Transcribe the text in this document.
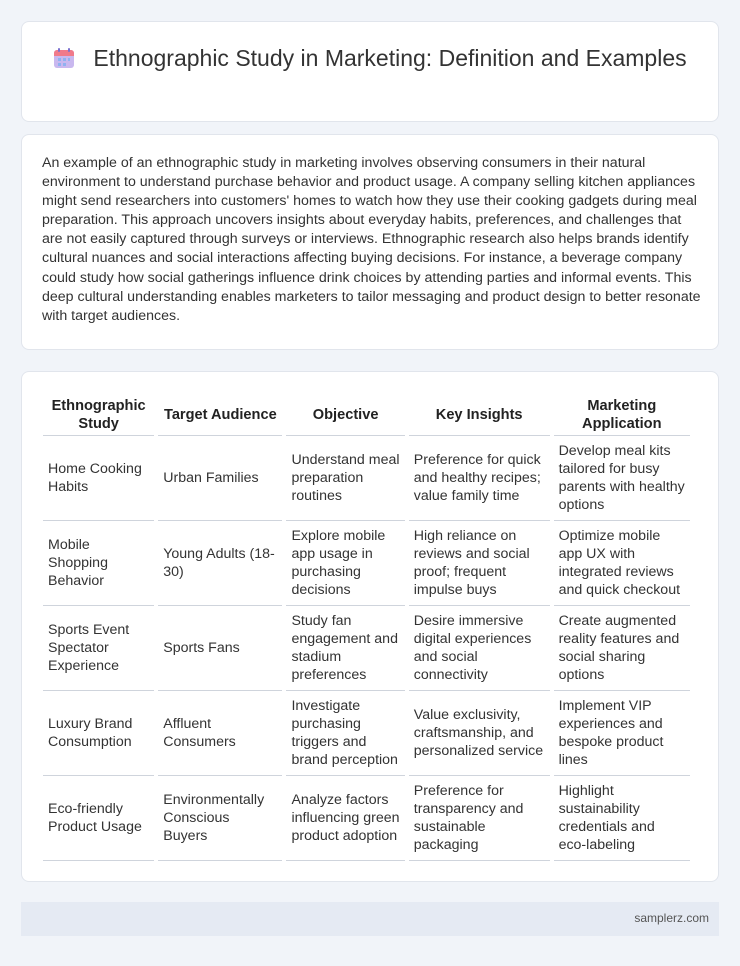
Ethnographic Study in Marketing: Definition and Examples

An example of an ethnographic study in marketing involves observing consumers in their natural environment to understand purchase behavior and product usage. A company selling kitchen appliances might send researchers into customers' homes to watch how they use their cooking gadgets during meal preparation. This approach uncovers insights about everyday habits, preferences, and challenges that are not easily captured through surveys or interviews. Ethnographic research also helps brands identify cultural nuances and social interactions affecting buying decisions. For instance, a beverage company could study how social gatherings influence drink choices by attending parties and informal events. This deep cultural understanding enables marketers to tailor messaging and product design to better resonate with target audiences.

Ethnographic Study	Target Audience	Objective	Key Insights	Marketing Application
Home Cooking Habits	Urban Families	Understand meal preparation routines	Preference for quick and healthy recipes; value family time	Develop meal kits tailored for busy parents with healthy options
Mobile Shopping Behavior	Young Adults (18-30)	Explore mobile app usage in purchasing decisions	High reliance on reviews and social proof; frequent impulse buys	Optimize mobile app UX with integrated reviews and quick checkout
Sports Event Spectator Experience	Sports Fans	Study fan engagement and stadium preferences	Desire immersive digital experiences and social connectivity	Create augmented reality features and social sharing options
Luxury Brand Consumption	Affluent Consumers	Investigate purchasing triggers and brand perception	Value exclusivity, craftsmanship, and personalized service	Implement VIP experiences and bespoke product lines
Eco-friendly Product Usage	Environmentally Conscious Buyers	Analyze factors influencing green product adoption	Preference for transparency and sustainable packaging	Highlight sustainability credentials and eco-labeling
samplerz.com
